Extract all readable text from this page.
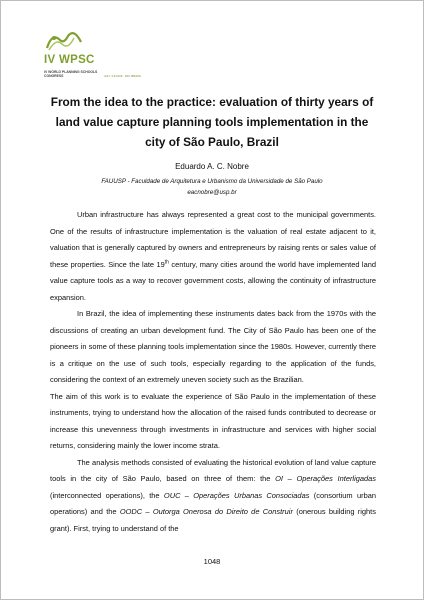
IV WPSC
IV WORLD PLANNING SCHOOLS CONGRESS	JULY 4-8 2016 · RIO, BRAZIL
From the idea to the practice: evaluation of thirty years of land value capture planning tools implementation in the city of São Paulo, Brazil
Eduardo A. C. Nobre
FAUUSP - Faculdade de Arquitetura e Urbanismo da Universidade de São Paulo
eacnobre@usp.br

Urban infrastructure has always represented a great cost to the municipal governments. One of the results of infrastructure implementation is the valuation of real estate adjacent to it, valuation that is generally captured by owners and entrepreneurs by raising rents or sales value of these properties. Since the late 19th century, many cities around the world have implemented land value capture tools as a way to recover government costs, allowing the continuity of infrastructure expansion.

In Brazil, the idea of implementing these instruments dates back from the 1970s with the discussions of creating an urban development fund. The City of São Paulo has been one of the pioneers in some of these planning tools implementation since the 1980s. However, currently there is a critique on the use of such tools, especially regarding to the application of the funds, considering the context of an extremely uneven society such as the Brazilian.

The aim of this work is to evaluate the experience of São Paulo in the implementation of these instruments, trying to understand how the allocation of the raised funds contributed to decrease or increase this unevenness through investments in infrastructure and services with higher social returns, considering mainly the lower income strata.

The analysis methods consisted of evaluating the historical evolution of land value capture tools in the city of São Paulo, based on three of them: the OI – Operações Interligadas (interconnected operations), the OUC – Operações Urbanas Consociadas (consortium urban operations) and the OODC – Outorga Onerosa do Direito de Construir (onerous building rights grant). First, trying to understand of the

1048
